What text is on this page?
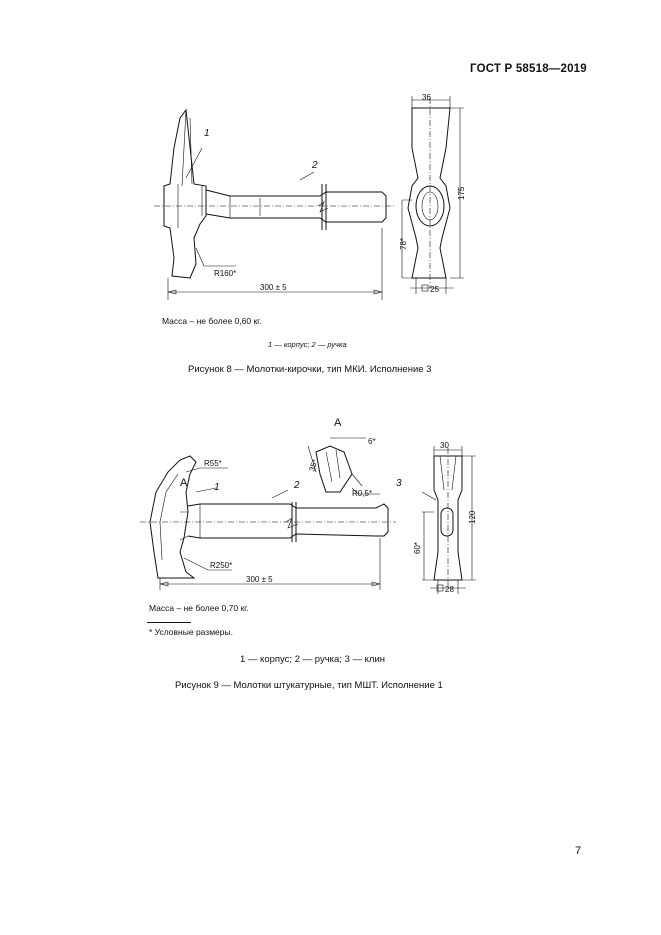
ГОСТ Р 58518—2019
36
175
78*
25
300 ± 5
R160*
1
2
Масса – не более 0,60 кг.
1 — корпус; 2 — ручка
Рисунок 8 — Молотки-кирочки, тип МКИ. Исполнение 3
300 ± 5
R55*
R250*
R0,5*
35*
6*	30
120
60*
28
A
A	1	2	3
Масса – не более 0,70 кг.
* Условные размеры.
1 — корпус; 2 — ручка; 3 — клин
Рисунок 9 — Молотки штукатурные, тип МШТ. Исполнение 1
7
